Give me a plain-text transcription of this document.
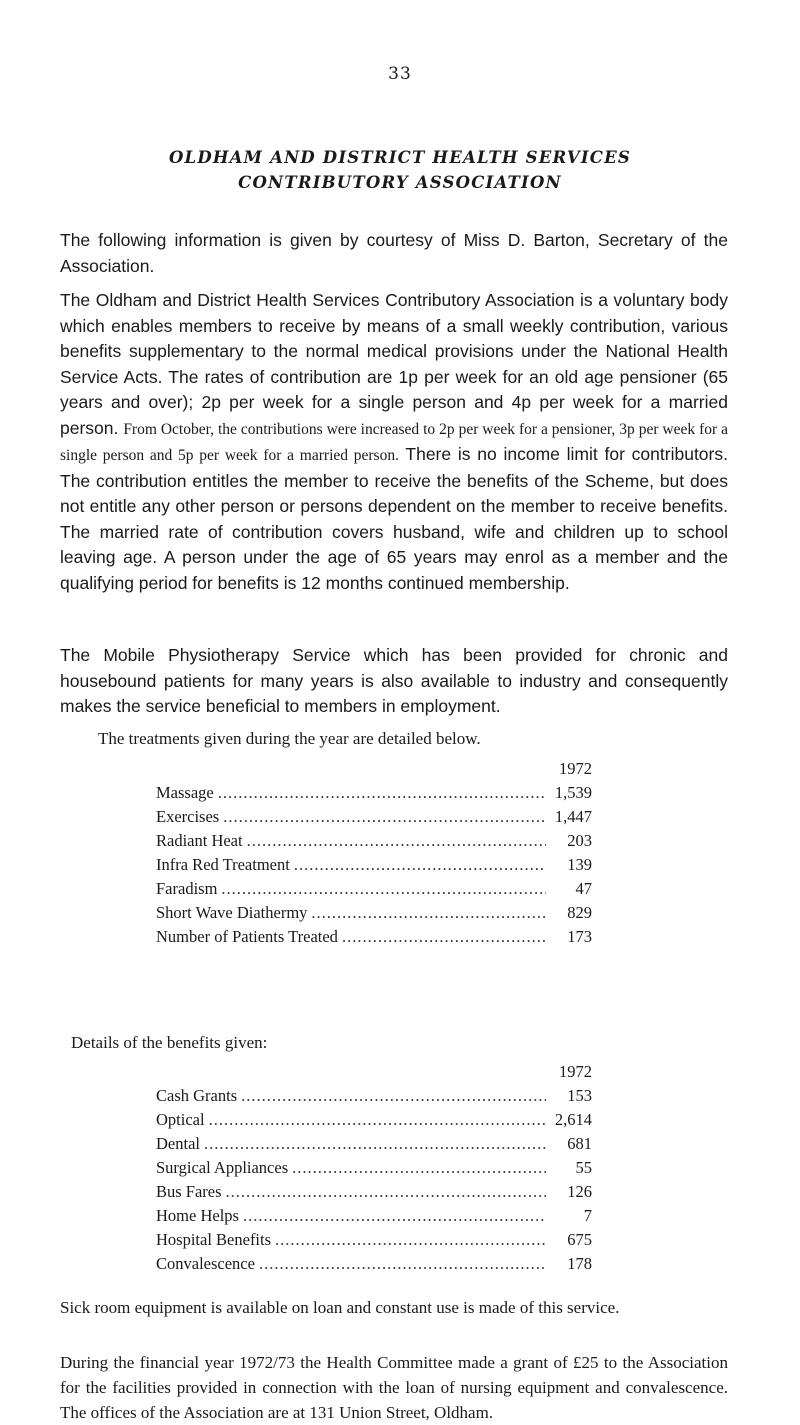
33
OLDHAM AND DISTRICT HEALTH SERVICES
CONTRIBUTORY ASSOCIATION

The following information is given by courtesy of Miss D. Barton, Secretary of the Association.

The Oldham and District Health Services Contributory Association is a voluntary body which enables members to receive by means of a small weekly contribution, various benefits supplementary to the normal medical provisions under the National Health Service Acts. The rates of contribution are 1p per week for an old age pensioner (65 years and over); 2p per week for a single person and 4p per week for a married person. From October, the contributions were increased to 2p per week for a pensioner, 3p per week for a single person and 5p per week for a married person. There is no income limit for contributors. The contribution entitles the member to receive the benefits of the Scheme, but does not entitle any other person or persons dependent on the member to receive benefits. The married rate of contribution covers husband, wife and children up to school leaving age. A person under the age of 65 years may enrol as a member and the qualifying period for benefits is 12 months continued membership.

The Mobile Physiotherapy Service which has been provided for chronic and housebound patients for many years is also available to industry and consequently makes the service beneficial to members in employment.

The treatments given during the year are detailed below.
1972
Massage .....	1,539
Exercises .....	1,447
Radiant Heat .....	203
Infra Red Treatment .....	139
Faradism .....	47
Short Wave Diathermy .....	829
Number of Patients Treated .....	173
Details of the benefits given:
1972
Cash Grants .....	153
Optical .....	2,614
Dental .....	681
Surgical Appliances .....	55
Bus Fares .....	126
Home Helps .....	7
Hospital Benefits .....	675
Convalescence .....	178

Sick room equipment is available on loan and constant use is made of this service.

During the financial year 1972/73 the Health Committee made a grant of £25 to the Association for the facilities provided in connection with the loan of nursing equipment and convalescence. The offices of the Association are at 131 Union Street, Oldham.
